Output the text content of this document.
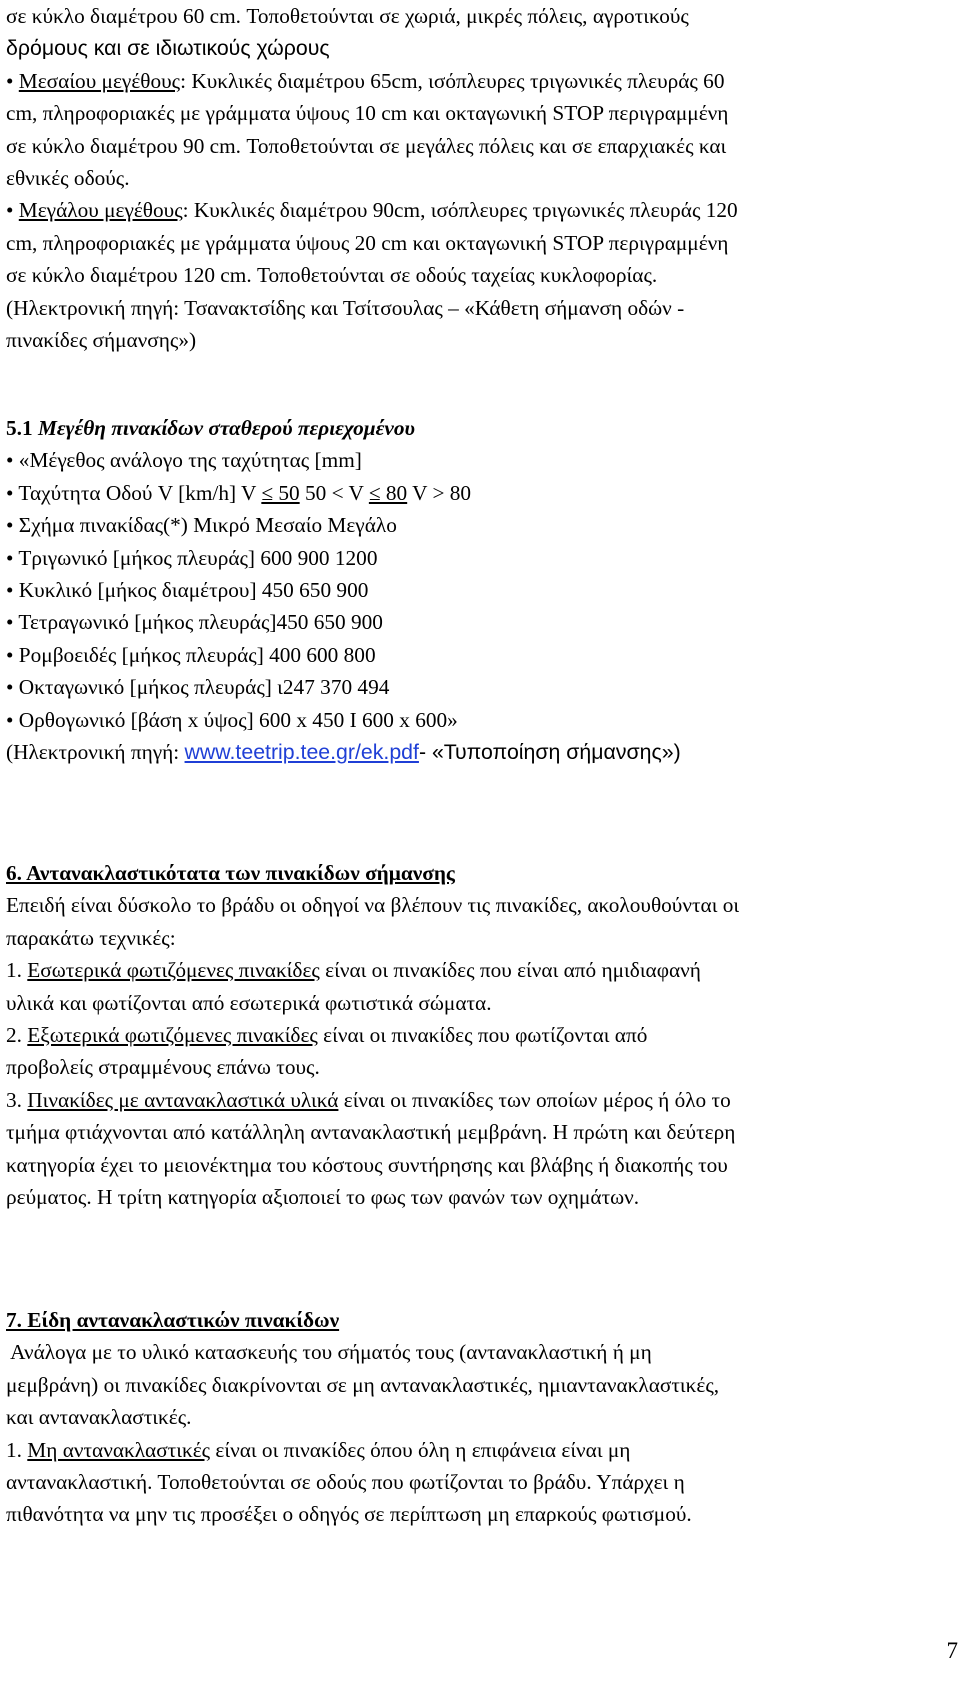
σε κύκλο διαμέτρου 60 cm. Τοποθετούνται σε χωριά, μικρές πόλεις, αγροτικούς
δρόμους και σε ιδιωτικούς χώρους
• Μεσαίου μεγέθους: Κυκλικές διαμέτρου 65cm, ισόπλευρες τριγωνικές πλευράς 60
cm, πληροφοριακές με γράμματα ύψους 10 cm και οκταγωνική STOP περιγραμμένη
σε κύκλο διαμέτρου 90 cm. Τοποθετούνται σε μεγάλες πόλεις και σε επαρχιακές και
εθνικές οδούς.
• Μεγάλου μεγέθους: Κυκλικές διαμέτρου 90cm, ισόπλευρες τριγωνικές πλευράς 120
cm, πληροφοριακές με γράμματα ύψους 20 cm και οκταγωνική STOP περιγραμμένη
σε κύκλο διαμέτρου 120 cm. Τοποθετούνται σε οδούς ταχείας κυκλοφορίας.
(Ηλεκτρονική πηγή: Τσανακτσίδης και Τσίτσουλας – «Κάθετη σήμανση οδών -
πινακίδες σήμανσης»)
5.1 Μεγέθη πινακίδων σταθερού περιεχομένου
• «Μέγεθος ανάλογο της ταχύτητας [mm]
• Ταχύτητα Οδού V [km/h] V ≤ 50 50 < V ≤ 80 V > 80
• Σχήμα πινακίδας(*) Μικρό Μεσαίο Μεγάλο
• Τριγωνικό [μήκος πλευράς] 600 900 1200
• Κυκλικό [μήκος διαμέτρου] 450 650 900
• Τετραγωνικό [μήκος πλευράς]450 650 900
• Ρομβοειδές [μήκος πλευράς] 400 600 800
• Οκταγωνικό [μήκος πλευράς] ι247 370 494
• Ορθογωνικό [βάση x ύψος] 600 x 450 I 600 x 600»
(Ηλεκτρονική πηγή: www.teetrip.tee.gr/ek.pdf- «Τυποποίηση σήμανσης»)
6. Αντανακλαστικότατα των πινακίδων σήμανσης
Επειδή είναι δύσκολο το βράδυ οι οδηγοί να βλέπουν τις πινακίδες, ακολουθούνται οι
παρακάτω τεχνικές:
1. Εσωτερικά φωτιζόμενες πινακίδες είναι οι πινακίδες που είναι από ημιδιαφανή
υλικά και φωτίζονται από εσωτερικά φωτιστικά σώματα.
2. Εξωτερικά φωτιζόμενες πινακίδες είναι οι πινακίδες που φωτίζονται από
προβολείς στραμμένους επάνω τους.
3. Πινακίδες με αντανακλαστικά υλικά είναι οι πινακίδες των οποίων μέρος ή όλο το
τμήμα φτιάχνονται από κατάλληλη αντανακλαστική μεμβράνη. Η πρώτη και δεύτερη
κατηγορία έχει το μειονέκτημα του κόστους συντήρησης και βλάβης ή διακοπής του
ρεύματος. Η τρίτη κατηγορία αξιοποιεί το φως των φανών των οχημάτων.
7. Είδη αντανακλαστικών πινακίδων
Ανάλογα με το υλικό κατασκευής του σήματός τους (αντανακλαστική ή μη
μεμβράνη) οι πινακίδες διακρίνονται σε μη αντανακλαστικές, ημιαντανακλαστικές,
και αντανακλαστικές.
1. Μη αντανακλαστικές είναι οι πινακίδες όπου όλη η επιφάνεια είναι μη
αντανακλαστική. Τοποθετούνται σε οδούς που φωτίζονται το βράδυ. Υπάρχει η
πιθανότητα να μην τις προσέξει ο οδηγός σε περίπτωση μη επαρκούς φωτισμού.
7
